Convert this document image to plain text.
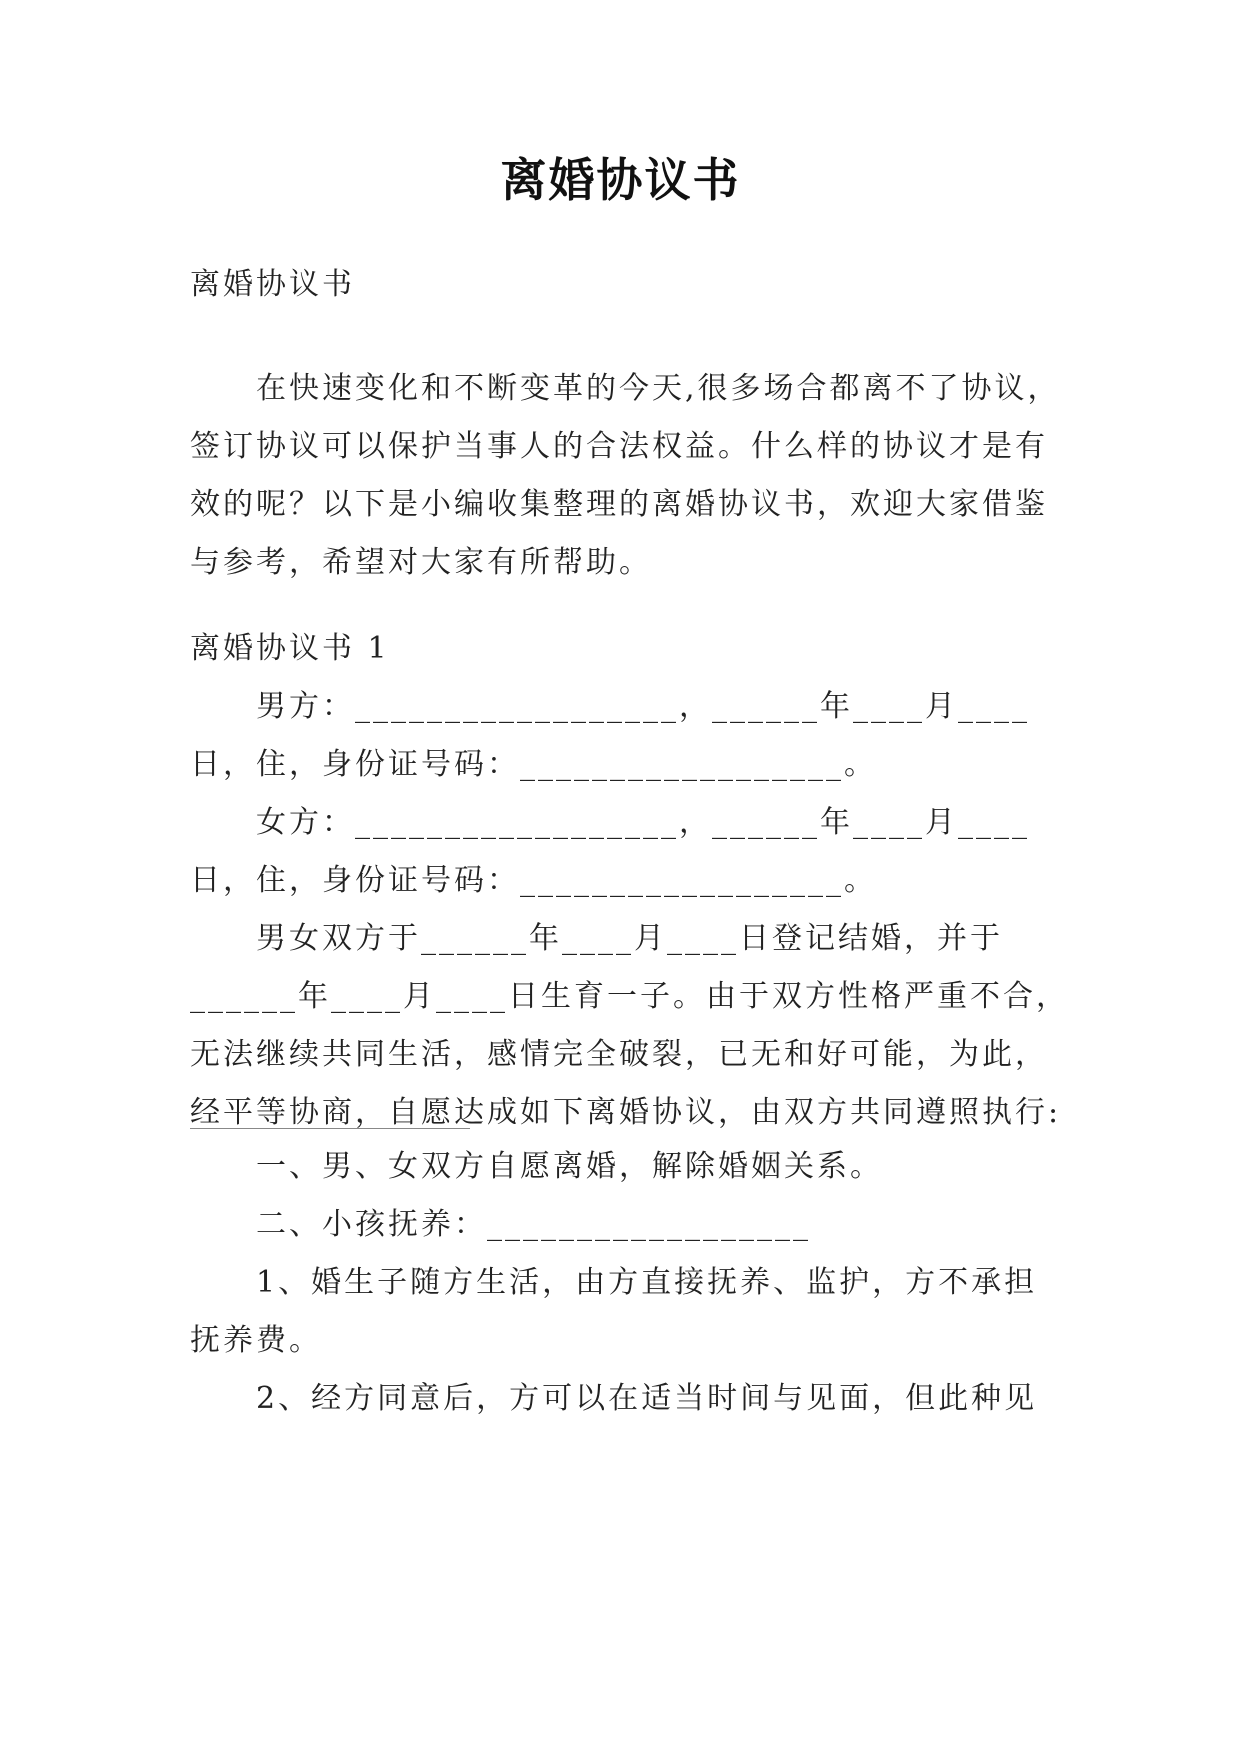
离婚协议书

离婚协议书

在快速变化和不断变革的今天,很多场合都离不了协议，签订协议可以保护当事人的合法权益。什么样的协议才是有效的呢？以下是小编收集整理的离婚协议书，欢迎大家借鉴与参考，希望对大家有所帮助。

离婚协议书 1

男方：__________________，______年____月____日，住，身份证号码：__________________。

女方：__________________，______年____月____日，住，身份证号码：__________________。

男女双方于______年____月____日登记结婚，并于______年____月____日生育一子。由于双方性格严重不合，无法继续共同生活，感情完全破裂，已无和好可能，为此，经平等协商，自愿达成如下离婚协议，由双方共同遵照执行:

一、男、女双方自愿离婚，解除婚姻关系。

二、小孩抚养：__________________

1、婚生子随方生活，由方直接抚养、监护，方不承担抚养费。

2、经方同意后，方可以在适当时间与见面，但此种见
